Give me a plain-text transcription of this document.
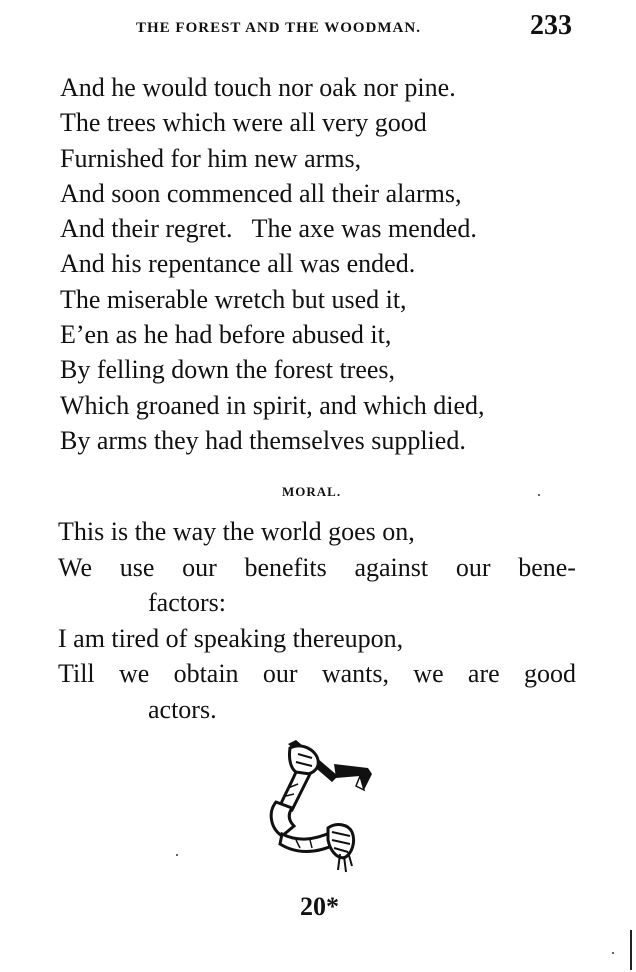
THE FOREST AND THE WOODMAN.	233
And he would touch nor oak nor pine.
The trees which were all very good
Furnished for him new arms,
And soon commenced all their alarms,
And their regret.   The axe was mended.
And his repentance all was ended.
The miserable wretch but used it,
E’en as he had before abused it,
By felling down the forest trees,
Which groaned in spirit, and which died,
By arms they had themselves supplied.
MORAL.
This is the way the world goes on,
We use our benefits against our bene-
factors:
I am tired of speaking thereupon,
Till we obtain our wants, we are good
actors.
20*
